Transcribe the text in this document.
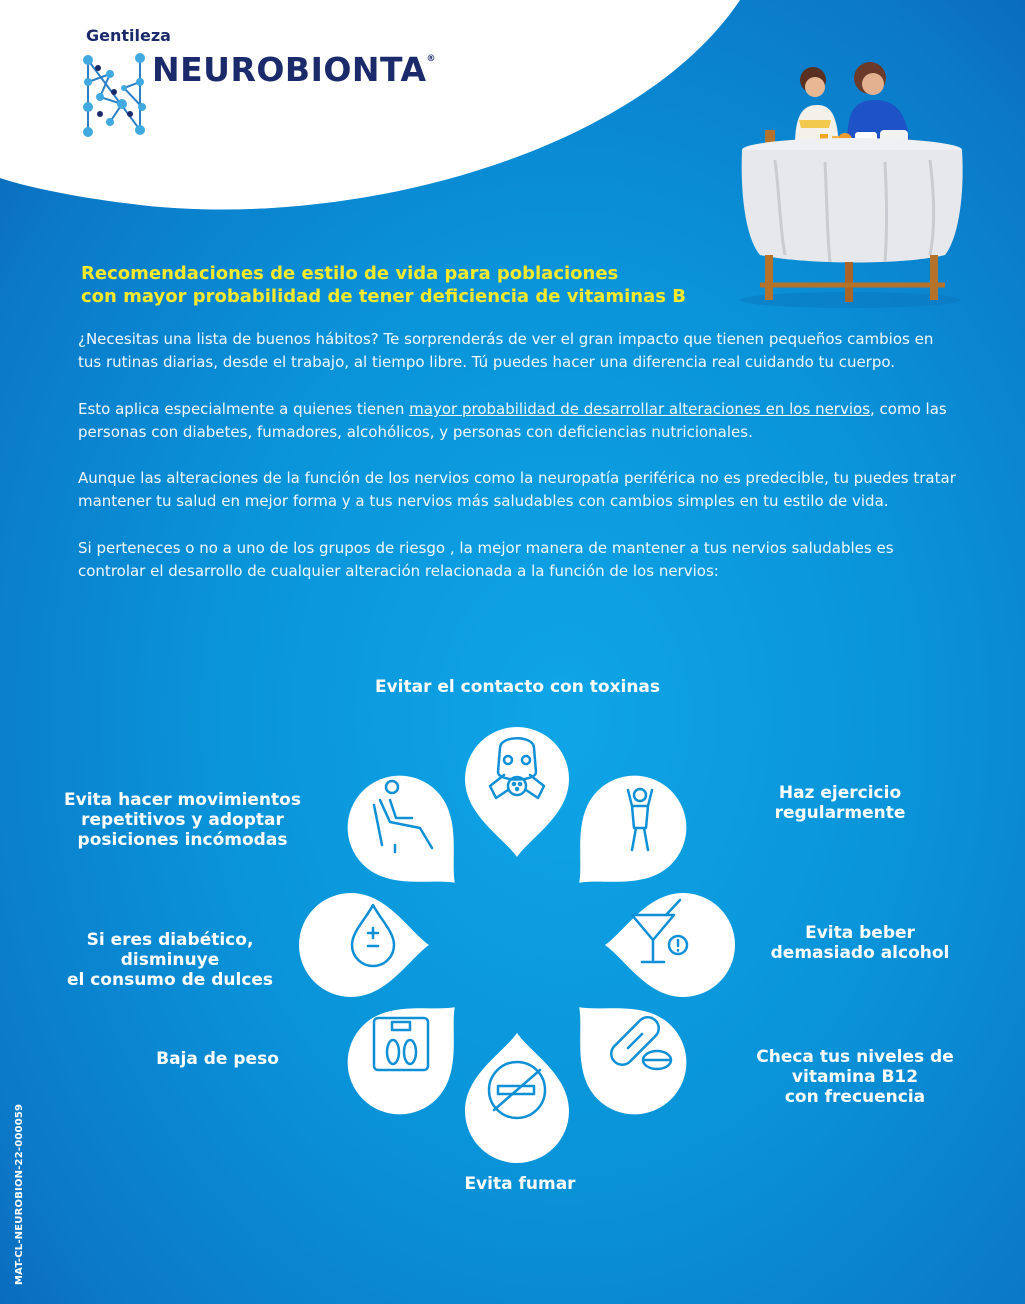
Gentileza
NEUROBIONTA®
Recomendaciones de estilo de vida para poblaciones
con mayor probabilidad de tener deficiencia de vitaminas B
¿Necesitas una lista de buenos hábitos? Te sorprenderás de ver el gran impacto que tienen pequeños cambios en tus rutinas diarias, desde el trabajo, al tiempo libre. Tú puedes hacer una diferencia real cuidando tu cuerpo.
Esto aplica especialmente a quienes tienen mayor probabilidad de desarrollar alteraciones en los nervios, como las personas con diabetes, fumadores, alcohólicos, y personas con deficiencias nutricionales.
Aunque las alteraciones de la función de los nervios como la neuropatía periférica no es predecible, tu puedes tratar mantener tu salud en mejor forma y a tus nervios más saludables con cambios simples en tu estilo de vida.
Si perteneces o no a uno de los grupos de riesgo , la mejor manera de mantener a tus nervios saludables es controlar el desarrollo de cualquier alteración relacionada a la función de los nervios:
Evitar el contacto con toxinas
Haz ejercicio
regularmente
Evita beber
demasiado alcohol
Checa tus niveles de
vitamina B12
con frecuencia
Evita fumar
Baja de peso
Si eres diabético,
disminuye
el consumo de dulces
Evita hacer movimientos
repetitivos y adoptar
posiciones incómodas
MAT-CL-NEUROBION-22-000059
